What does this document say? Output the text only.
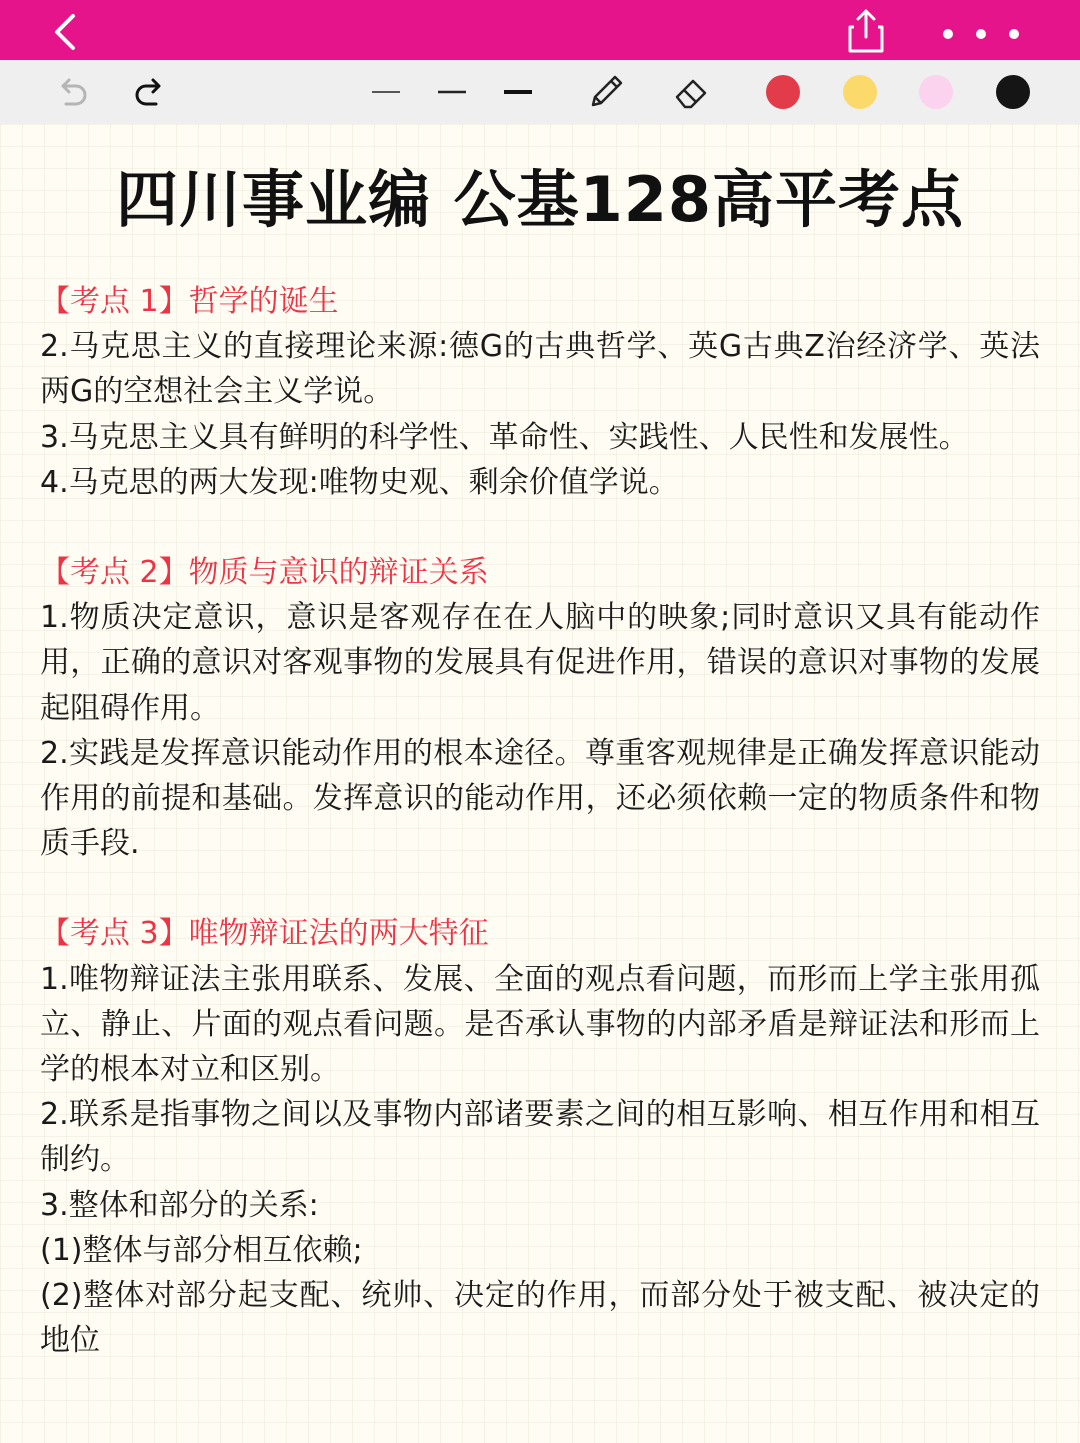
四川事业编 公基128高平考点
【考点 1】哲学的诞生
2.马克思主义的直接理论来源:德G的古典哲学、英G古典Z治经济学、英法两G的空想社会主义学说。
3.马克思主义具有鲜明的科学性、革命性、实践性、人民性和发展性。
4.马克思的两大发现:唯物史观、剩余价值学说。
【考点 2】物质与意识的辩证关系
1.物质决定意识，意识是客观存在在人脑中的映象;同时意识又具有能动作用，正确的意识对客观事物的发展具有促进作用，错误的意识对事物的发展起阻碍作用。
2.实践是发挥意识能动作用的根本途径。尊重客观规律是正确发挥意识能动作用的前提和基础。发挥意识的能动作用，还必须依赖一定的物质条件和物质手段.
【考点 3】唯物辩证法的两大特征
1.唯物辩证法主张用联系、发展、全面的观点看问题，而形而上学主张用孤立、静止、片面的观点看问题。是否承认事物的内部矛盾是辩证法和形而上学的根本对立和区别。
2.联系是指事物之间以及事物内部诸要素之间的相互影响、相互作用和相互制约。
3.整体和部分的关系:
(1)整体与部分相互依赖;
(2)整体对部分起支配、统帅、决定的作用，而部分处于被支配、被决定的地位
